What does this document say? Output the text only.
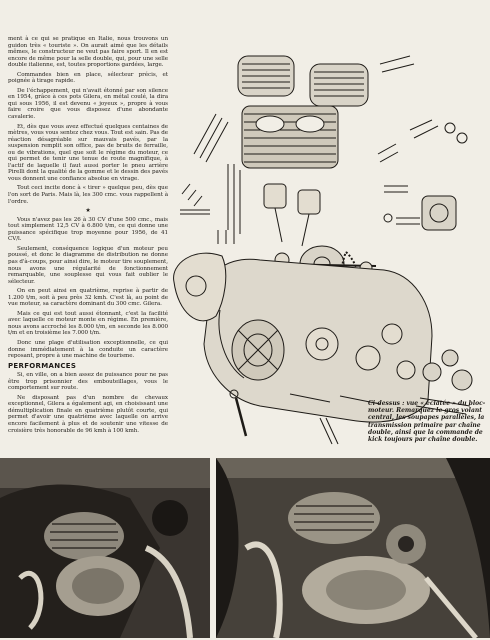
ment à ce qui se pratique en Italie, nous trouvons un guidon très « touriste ». On aurait aimé que les détails mêmes, le constructeur ne veut pas faire sport. Il en est encore de même pour la selle double, qui, pour une selle double italienne, est, toutes proportions gardées, large.

Commandes bien en place, sélecteur précis, et poignée à tirage rapide.

De l'échappement, qui n'avait étonné par son silence en 1954, grâce à ces pots Gilera, en métal coulé, la dira qui sous 1956, il est devenu « joyeux », propre à vous faire croire que vous disposez d'une abondante cavalerie.

Et, dès que vous avez effectué quelques centaines de mètres, vous vous sentez chez vous. Tout est sain. Pas de réaction désagréable sur mauvais pavés, par la suspension remplit son office, pas de bruits de ferraille, ou de vibrations, quel que soit le régime du moteur, ce qui permet de tenir une tenue de route magnifique, à l'actif de laquelle il faut aussi porter le pneu arrière Pirelli dont la qualité de la gomme et le dessin des pavés vous donnent une confiance absolue en virage.

Tout ceci incite donc à « tirer » quelque peu, dès que l'on sort de Paris. Mais là, les 300 cmc. vous rappellent à l'ordre.

★

Vous n'avez pas les 26 à 30 CV d'une 500 cmc., mais tout simplement 12,5 CV à 6.800 t/m, ce qui donne une puissance spécifique trop moyenne pour 1956, de 41 CV/l.

Seulement, conséquence logique d'un moteur peu poussé, et donc le diagramme de distribution ne donne pas d'à-coups, pour ainsi dire, le moteur tire souplement, nous avons une régularité de fonctionnement remarquable, une souplesse qui vous fait oublier le sélecteur.

On en peut ainsi en quatrième, reprise à partir de 1.200 t/m, soit à peu près 32 kmh. C'est là, au point de vue moteur, sa caractère dominant du 300 cmc. Gilera.

Mais ce qui est tout aussi étonnant, c'est la facilité avec laquelle ce moteur monte en régime. En première, nous avons accroché les 8.000 t/m, en seconde les 8.000 t/m et en troisième les 7.000 t/m.

Donc une plage d'utilisation exceptionnelle, ce qui donne immédiatement à la conduite un caractère reposant, propre à une machine de tourisme.

PERFORMANCES

Si, en ville, on a bien assez de puissance pour ne pas être trop prisonnier des embouteillages, vous le comportement sur route.

Ne disposant pas d'un nombre de chevaux exceptionnel, Gilera a également agi, en choisissant une démultiplication finale en quatrième plutôt courte, qui permet d'avoir une quatrième avec laquelle on arrive encore facilement à plus et de soutenir une vitesse de croisière très honorable de 96 kmh à 100 kmh.

Ci-dessus : vue « éclatée » du bloc-moteur. Remarquez le gros volant central, les soupapes parallèles, la transmission primaire par chaîne double, ainsi que la commande de kick toujours par chaîne double.
